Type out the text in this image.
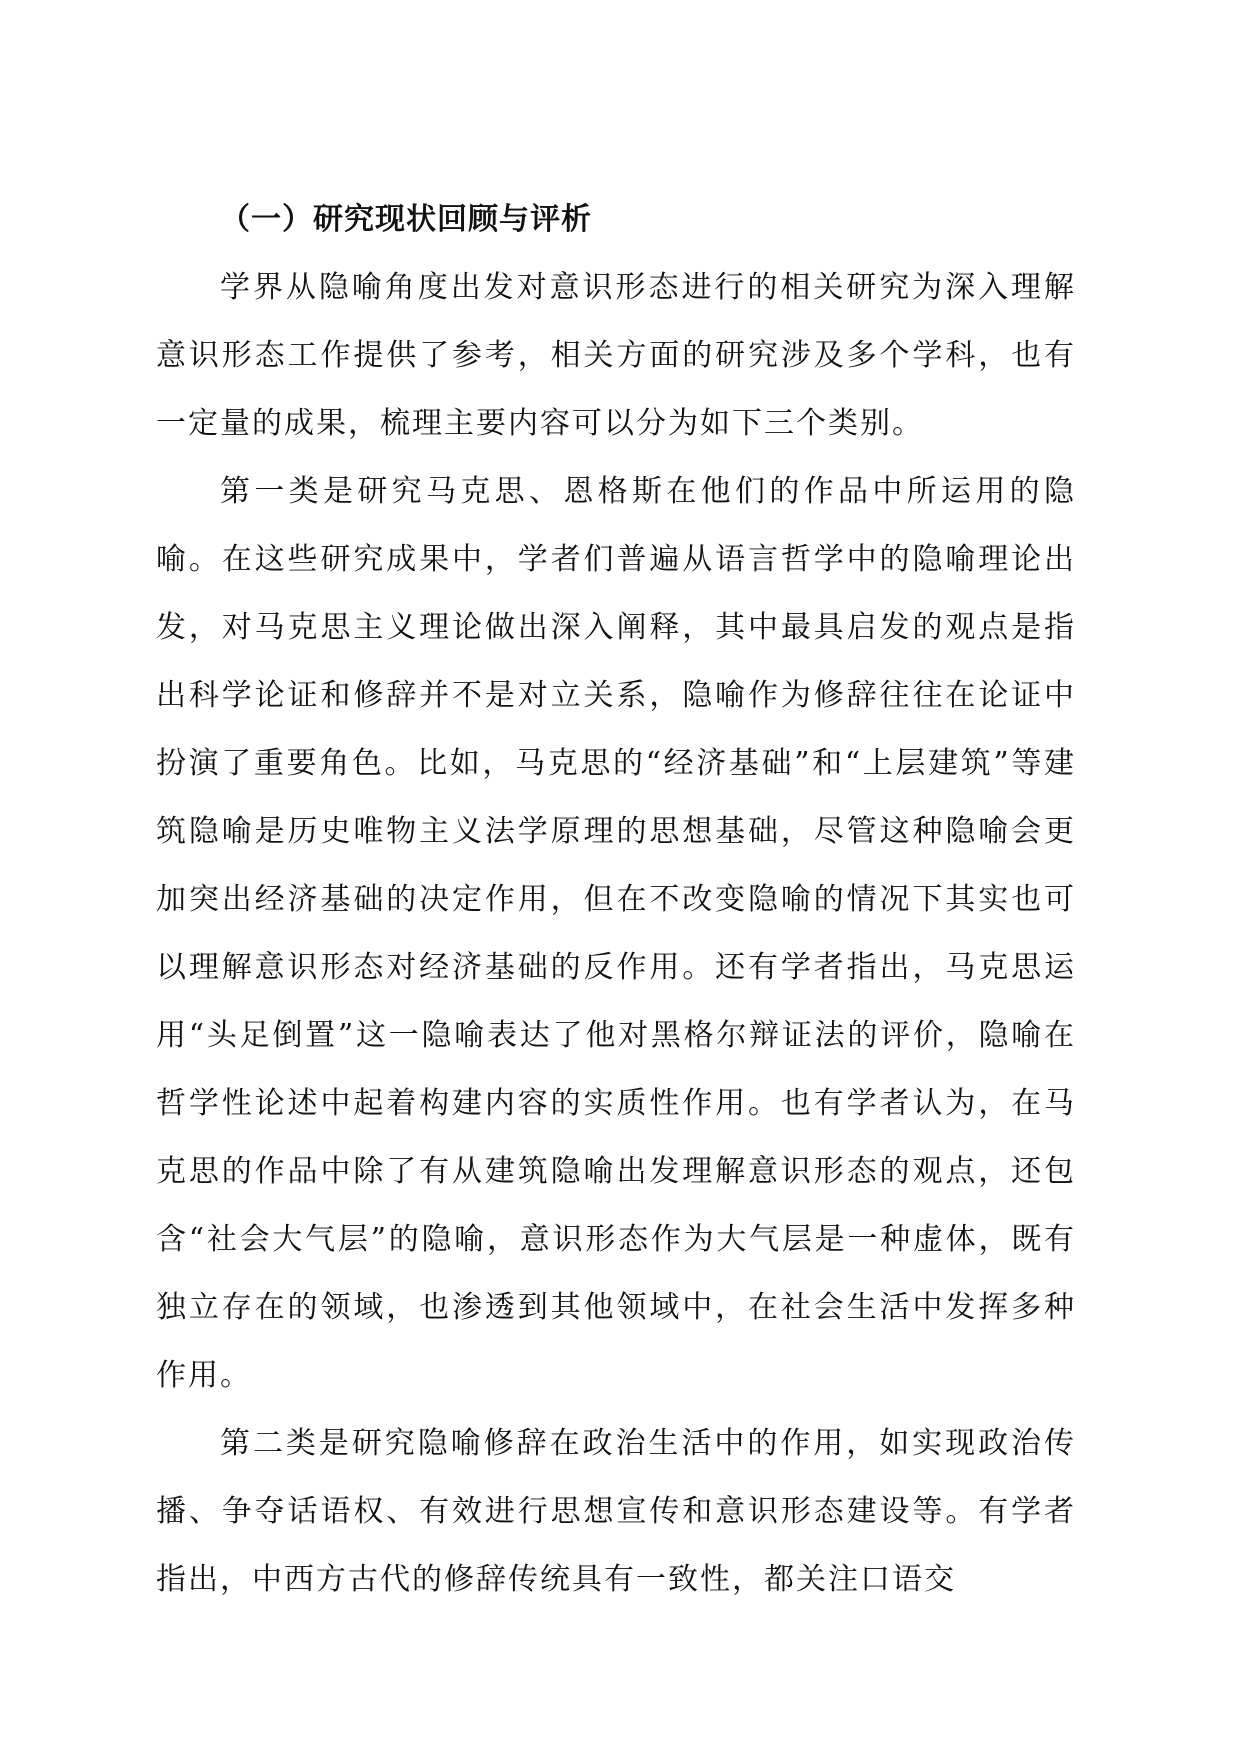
（一）研究现状回顾与评析

学界从隐喻角度出发对意识形态进行的相关研究为深入理解意识形态工作提供了参考，相关方面的研究涉及多个学科，也有一定量的成果，梳理主要内容可以分为如下三个类别。

第一类是研究马克思、恩格斯在他们的作品中所运用的隐喻。在这些研究成果中，学者们普遍从语言哲学中的隐喻理论出发，对马克思主义理论做出深入阐释，其中最具启发的观点是指出科学论证和修辞并不是对立关系，隐喻作为修辞往往在论证中扮演了重要角色。比如，马克思的“经济基础”和“上层建筑”等建筑隐喻是历史唯物主义法学原理的思想基础，尽管这种隐喻会更加突出经济基础的决定作用，但在不改变隐喻的情况下其实也可以理解意识形态对经济基础的反作用。还有学者指出，马克思运用“头足倒置”这一隐喻表达了他对黑格尔辩证法的评价，隐喻在哲学性论述中起着构建内容的实质性作用。也有学者认为，在马克思的作品中除了有从建筑隐喻出发理解意识形态的观点，还包含“社会大气层”的隐喻，意识形态作为大气层是一种虚体，既有独立存在的领域，也渗透到其他领域中，在社会生活中发挥多种作用。

第二类是研究隐喻修辞在政治生活中的作用，如实现政治传播、争夺话语权、有效进行思想宣传和意识形态建设等。有学者指出，中西方古代的修辞传统具有一致性，都关注口语交
